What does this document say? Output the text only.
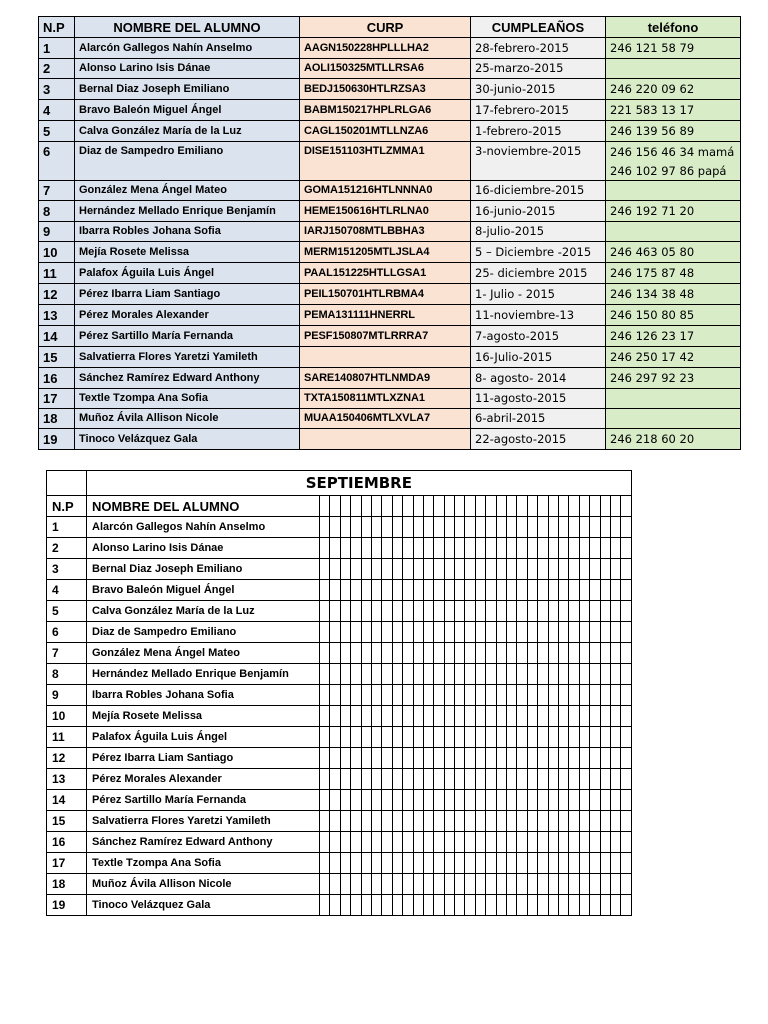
N.P	NOMBRE DEL ALUMNO	CURP	CUMPLEAÑOS	teléfono
1	Alarcón Gallegos Nahín Anselmo	AAGN150228HPLLLHA2	28-febrero-2015	246 121 58 79

2	Alonso Larino Isis Dánae	AOLI150325MTLLRSA6	25-marzo-2015	

3	Bernal Diaz Joseph Emiliano	BEDJ150630HTLRZSA3	30-junio-2015	246 220 09 62

4	Bravo Baleón Miguel Ángel	BABM150217HPLRLGA6	17-febrero-2015	221 583 13 17

5	Calva González María de la Luz	CAGL150201MTLLNZA6	1-febrero-2015	246 139 56 89

6	Diaz de Sampedro Emiliano	DISE151103HTLZMMA1	3-noviembre-2015	246 156 46 34 mamá
246 102 97 86 papá

7	González Mena Ángel Mateo	GOMA151216HTLNNNA0	16-diciembre-2015	

8	Hernández Mellado Enrique Benjamín	HEME150616HTLRLNA0	16-junio-2015	246 192 71 20

9	Ibarra Robles Johana Sofia	IARJ150708MTLBBHA3	8-julio-2015	

10	Mejía Rosete Melissa	MERM151205MTLJSLA4	5 – Diciembre -2015	246 463 05 80

11	Palafox Águila Luis Ángel	PAAL151225HTLLGSA1	25- diciembre 2015	246 175 87 48

12	Pérez Ibarra Liam Santiago	PEIL150701HTLRBMA4	1- Julio - 2015	246 134 38 48

13	Pérez Morales Alexander	PEMA131111HNERRL	11-noviembre-13	246 150 80 85

14	Pérez Sartillo María Fernanda	PESF150807MTLRRRA7	7-agosto-2015	246 126 23 17

15	Salvatierra Flores Yaretzi Yamileth		16-Julio-2015	246 250 17 42

16	Sánchez Ramírez Edward Anthony	SARE140807HTLNMDA9	8- agosto- 2014	246 297 92 23

17	Textle Tzompa Ana Sofia	TXTA150811MTLXZNA1	11-agosto-2015	

18	Muñoz Ávila Allison Nicole	MUAA150406MTLXVLA7	6-abril-2015	

19	Tinoco Velázquez Gala		22-agosto-2015	246 218 60 20
	SEPTIEMBRE																														
N.P	NOMBRE DEL ALUMNO																														
1	Alarcón Gallegos Nahín Anselmo																														
2	Alonso Larino Isis Dánae																														
3	Bernal Diaz Joseph Emiliano																														
4	Bravo Baleón Miguel Ángel																														
5	Calva González María de la Luz																														
6	Diaz de Sampedro Emiliano																														
7	González Mena Ángel Mateo																														
8	Hernández Mellado Enrique Benjamín																														
9	Ibarra Robles Johana Sofia																														
10	Mejía Rosete Melissa																														
11	Palafox Águila Luis Ángel																														
12	Pérez Ibarra Liam Santiago																														
13	Pérez Morales Alexander																														
14	Pérez Sartillo María Fernanda																														
15	Salvatierra Flores Yaretzi Yamileth																														
16	Sánchez Ramírez Edward Anthony																														
17	Textle Tzompa Ana Sofia																														
18	Muñoz Ávila Allison Nicole																														
19	Tinoco Velázquez Gala																														
